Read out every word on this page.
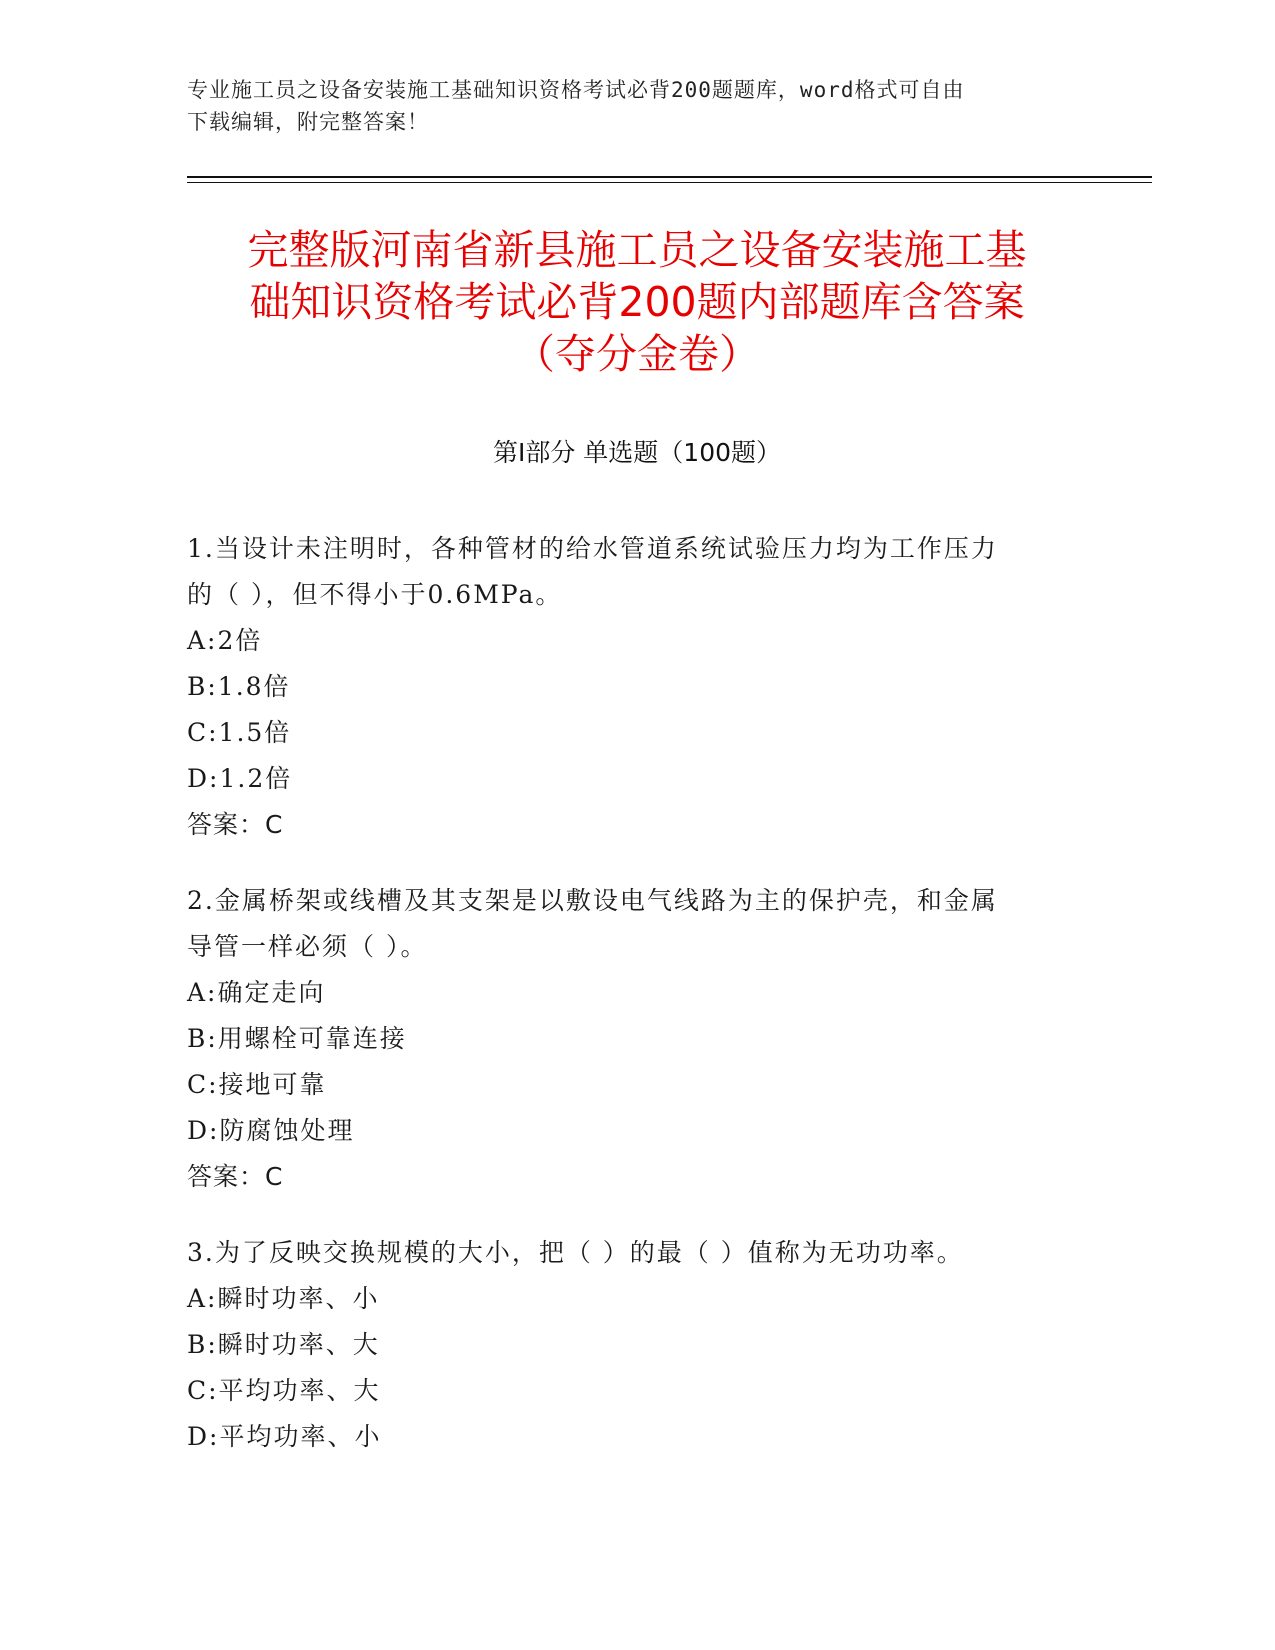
专业施工员之设备安装施工基础知识资格考试必背200题题库，word格式可自由
下载编辑，附完整答案！
完整版河南省新县施工员之设备安装施工基
础知识资格考试必背200题内部题库含答案
（夺分金卷）
第Ⅰ部分 单选题（100题）

1.当设计未注明时，各种管材的给水管道系统试验压力均为工作压力

的（ ），但不得小于0.6MPa。

A:2倍

B:1.8倍

C:1.5倍

D:1.2倍

答案：C

2.金属桥架或线槽及其支架是以敷设电气线路为主的保护壳，和金属

导管一样必须（ ）。

A:确定走向

B:用螺栓可靠连接

C:接地可靠

D:防腐蚀处理

答案：C

3.为了反映交换规模的大小，把（ ）的最（ ）值称为无功功率。

A:瞬时功率、小

B:瞬时功率、大

C:平均功率、大

D:平均功率、小
